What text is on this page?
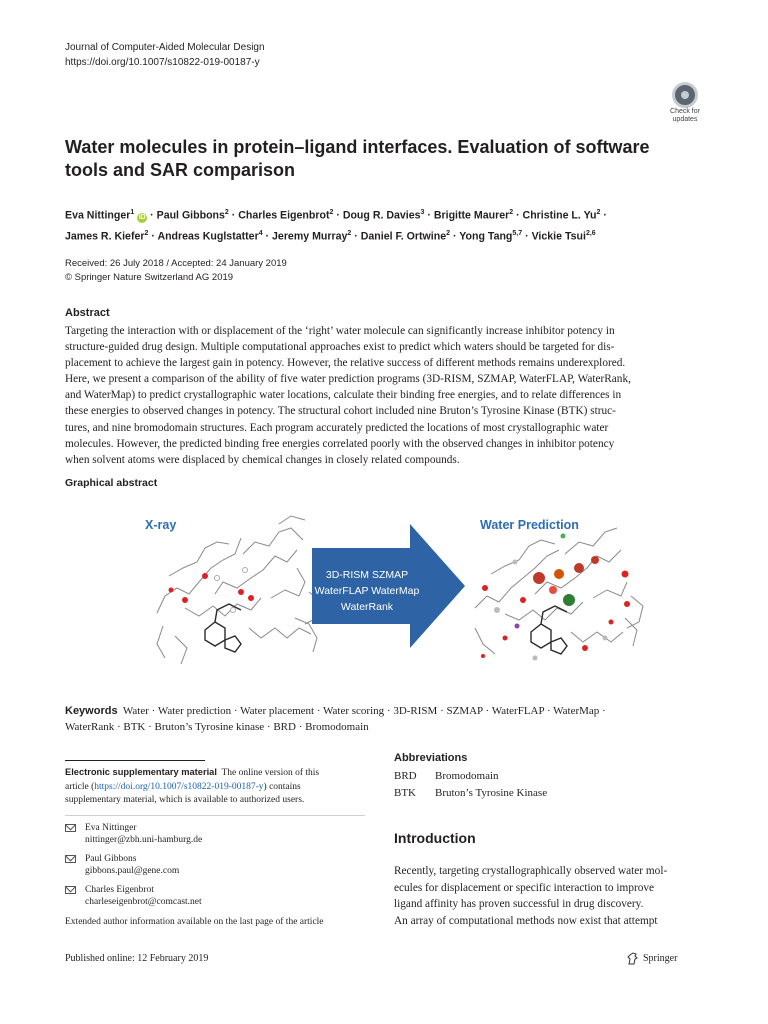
Journal of Computer-Aided Molecular Design
https://doi.org/10.1007/s10822-019-00187-y
Check for
updates
Water molecules in protein–ligand interfaces. Evaluation of software
tools and SAR comparison
Eva Nittinger$^1$ iD · Paul Gibbons$^2$ · Charles Eigenbrot$^2$ · Doug R. Davies$^3$ · Brigitte Maurer$^2$ · Christine L. $Yu^2$ ·
James R. Kiefer$^2$ · Andreas Kuglstatter$^4$ · Jeremy Murray$^2$ · Daniel F. Ortwine$^2$ · Yong Tang$^{5,7}$ · Vickie Tsui$^{2,6}$
Received: 26 July 2018 / Accepted: 24 January 2019
© Springer Nature Switzerland AG 2019
Abstract
Targeting the interaction with or displacement of the ‘right’ water molecule can significantly increase inhibitor potency in
structure-guided drug design. Multiple computational approaches exist to predict which waters should be targeted for dis-
placement to achieve the largest gain in potency. However, the relative success of different methods remains underexplored.
Here, we present a comparison of the ability of five water prediction programs (3D-RISM, SZMAP, WaterFLAP, WaterRank,
and WaterMap) to predict crystallographic water locations, calculate their binding free energies, and to relate differences in
these energies to observed changes in potency. The structural cohort included nine Bruton’s Tyrosine Kinase (BTK) struc-
tures, and nine bromodomain structures. Each program accurately predicted the locations of most crystallographic water
molecules. However, the predicted binding free energies correlated poorly with the observed changes in inhibitor potency
when solvent atoms were displaced by chemical changes in closely related compounds.
Graphical abstract
X-ray	Water Prediction
3D-RISM SZMAP
WaterFLAP WaterMap
WaterRank
Keywords Water · Water prediction · Water placement · Water scoring · 3D-RISM · SZMAP · WaterFLAP · WaterMap ·
WaterRank · BTK · Bruton’s Tyrosine kinase · BRD · Bromodomain
Electronic supplementary material The online version of this
article (https://doi.org/10.1007/s10822-019-00187-y) contains
supplementary material, which is available to authorized users.
Eva Nittinger
nittinger@zbh.uni-hamburg.de
Paul Gibbons
gibbons.paul@gene.com
Charles Eigenbrot
charleseigenbrot@comcast.net
Extended author information available on the last page of the article
Abbreviations
BRD	Bromodomain
BTK	Bruton’s Tyrosine Kinase
Introduction
Recently, targeting crystallographically observed water mol-
ecules for displacement or specific interaction to improve
ligand affinity has proven successful in drug discovery.
An array of computational methods now exist that attempt
Published online: 12 February 2019	Springer
